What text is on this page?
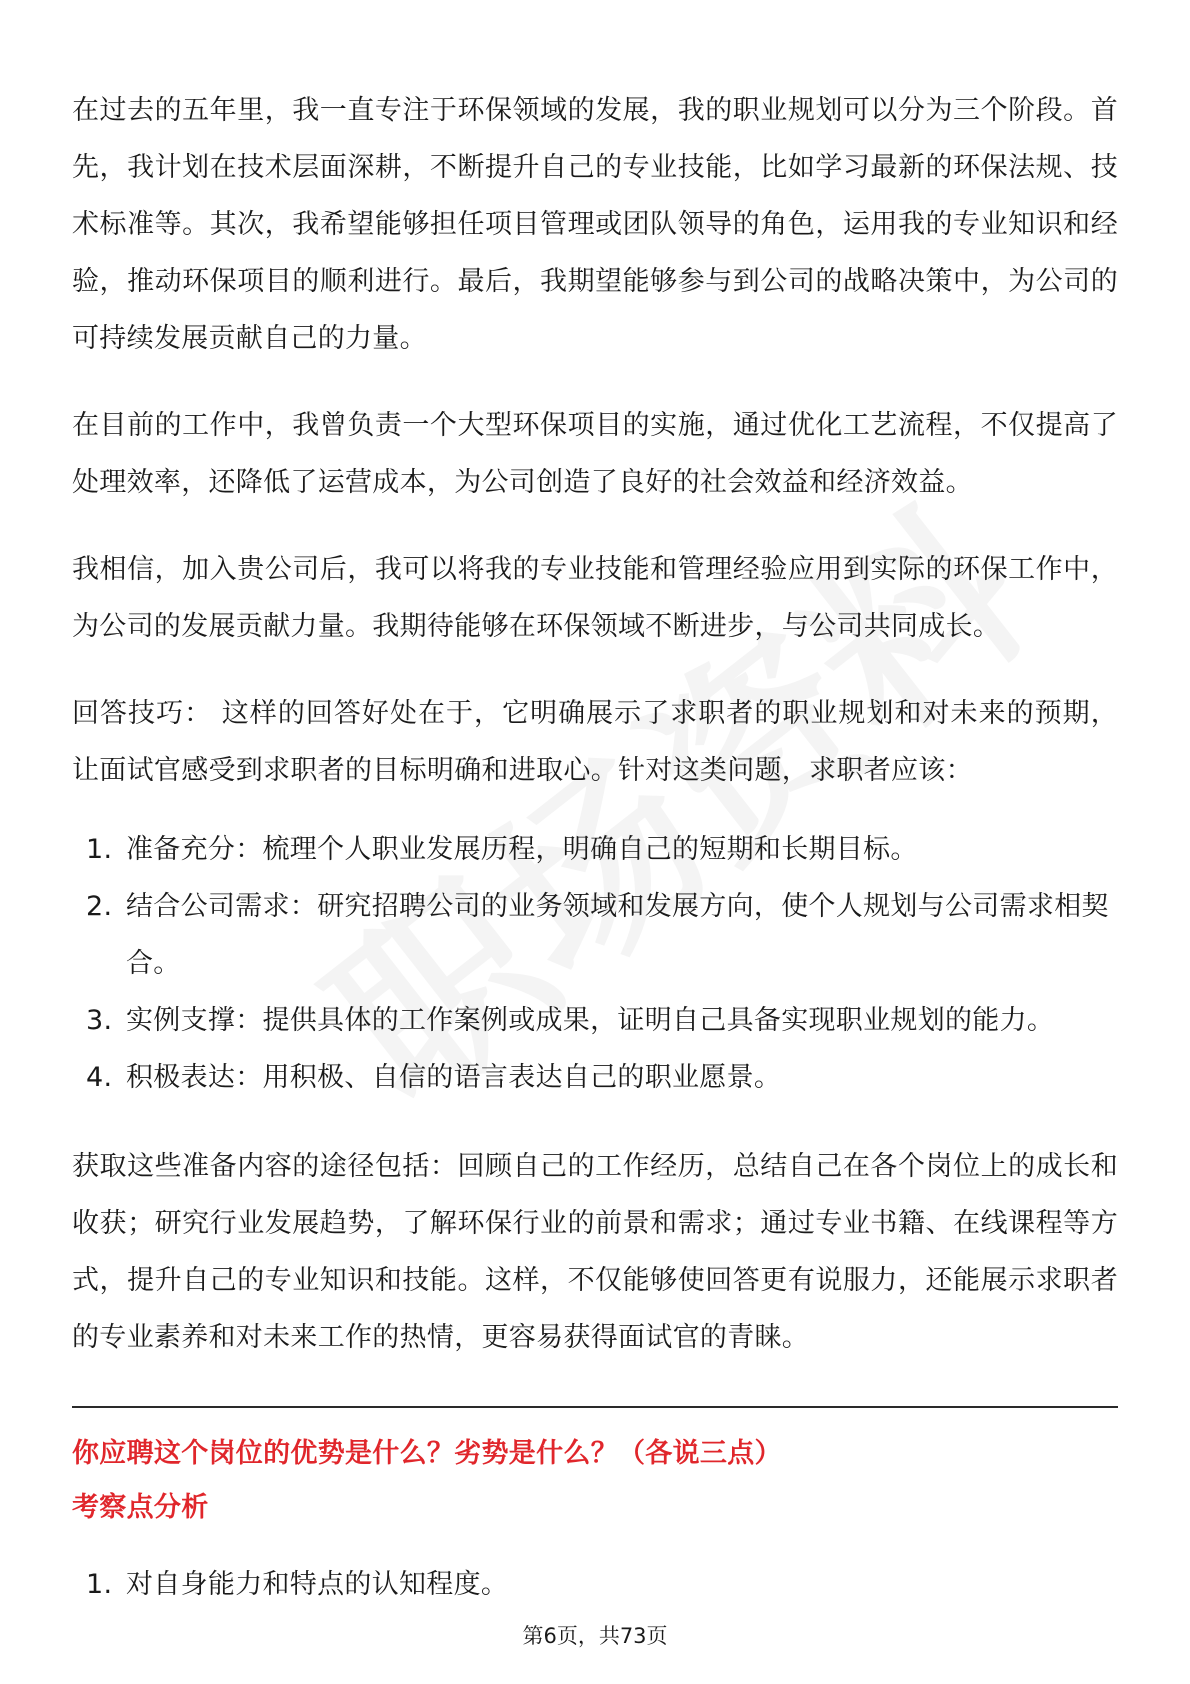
在过去的五年里，我一直专注于环保领域的发展，我的职业规划可以分为三个阶段。首先，我计划在技术层面深耕，不断提升自己的专业技能，比如学习最新的环保法规、技术标准等。其次，我希望能够担任项目管理或团队领导的角色，运用我的专业知识和经验，推动环保项目的顺利进行。最后，我期望能够参与到公司的战略决策中，为公司的可持续发展贡献自己的力量。

在目前的工作中，我曾负责一个大型环保项目的实施，通过优化工艺流程，不仅提高了处理效率，还降低了运营成本，为公司创造了良好的社会效益和经济效益。

我相信，加入贵公司后，我可以将我的专业技能和管理经验应用到实际的环保工作中，为公司的发展贡献力量。我期待能够在环保领域不断进步，与公司共同成长。

回答技巧： 这样的回答好处在于，它明确展示了求职者的职业规划和对未来的预期，让面试官感受到求职者的目标明确和进取心。针对这类问题，求职者应该：

1. 准备充分：梳理个人职业发展历程，明确自己的短期和长期目标。
2. 结合公司需求：研究招聘公司的业务领域和发展方向，使个人规划与公司需求相契合。
3. 实例支撑：提供具体的工作案例或成果，证明自己具备实现职业规划的能力。
4. 积极表达：用积极、自信的语言表达自己的职业愿景。

获取这些准备内容的途径包括：回顾自己的工作经历，总结自己在各个岗位上的成长和收获；研究行业发展趋势，了解环保行业的前景和需求；通过专业书籍、在线课程等方式，提升自己的专业知识和技能。这样，不仅能够使回答更有说服力，还能展示求职者的专业素养和对未来工作的热情，更容易获得面试官的青睐。

你应聘这个岗位的优势是什么？劣势是什么？（各说三点）

考察点分析

1. 对自身能力和特点的认知程度。
第6页，共73页
